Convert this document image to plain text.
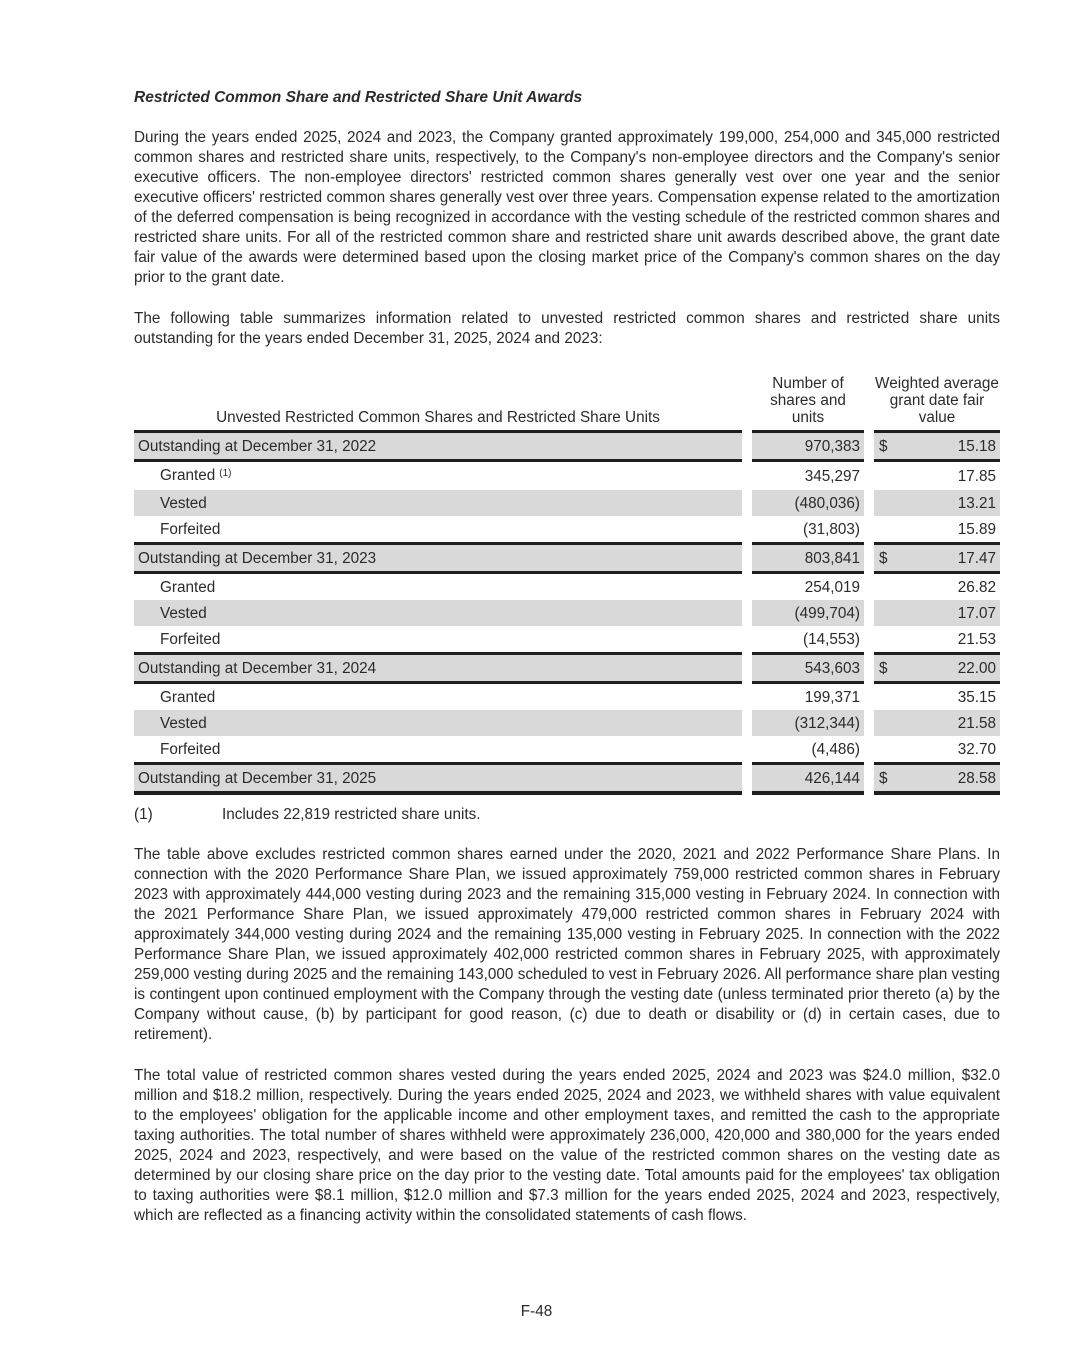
Restricted Common Share and Restricted Share Unit Awards

During the years ended 2025, 2024 and 2023, the Company granted approximately 199,000, 254,000 and 345,000 restricted common shares and restricted share units, respectively, to the Company's non-employee directors and the Company's senior executive officers. The non-employee directors' restricted common shares generally vest over one year and the senior executive officers' restricted common shares generally vest over three years. Compensation expense related to the amortization of the deferred compensation is being recognized in accordance with the vesting schedule of the restricted common shares and restricted share units. For all of the restricted common share and restricted share unit awards described above, the grant date fair value of the awards were determined based upon the closing market price of the Company's common shares on the day prior to the grant date.

The following table summarizes information related to unvested restricted common shares and restricted share units outstanding for the years ended December 31, 2025, 2024 and 2023:

Unvested Restricted Common Shares and Restricted Share Units	Number of shares and units	Weighted average grant date fair value
Outstanding at December 31, 2022	970,383	$ 15.18
Granted $^{(1)}$	345,297	17.85
Vested	(480,036)	13.21
Forfeited	(31,803)	15.89
Outstanding at December 31, 2023	803,841	$ 17.47
Granted	254,019	26.82
Vested	(499,704)	17.07
Forfeited	(14,553)	21.53
Outstanding at December 31, 2024	543,603	$ 22.00
Granted	199,371	35.15
Vested	(312,344)	21.58
Forfeited	(4,486)	32.70
Outstanding at December 31, 2025	426,144	$ 28.58
(1)	Includes 22,819 restricted share units.

The table above excludes restricted common shares earned under the 2020, 2021 and 2022 Performance Share Plans. In connection with the 2020 Performance Share Plan, we issued approximately 759,000 restricted common shares in February 2023 with approximately 444,000 vesting during 2023 and the remaining 315,000 vesting in February 2024. In connection with the 2021 Performance Share Plan, we issued approximately 479,000 restricted common shares in February 2024 with approximately 344,000 vesting during 2024 and the remaining 135,000 vesting in February 2025. In connection with the 2022 Performance Share Plan, we issued approximately 402,000 restricted common shares in February 2025, with approximately 259,000 vesting during 2025 and the remaining 143,000 scheduled to vest in February 2026. All performance share plan vesting is contingent upon continued employment with the Company through the vesting date (unless terminated prior thereto (a) by the Company without cause, (b) by participant for good reason, (c) due to death or disability or (d) in certain cases, due to retirement).

The total value of restricted common shares vested during the years ended 2025, 2024 and 2023 was $24.0 million, $32.0 million and $18.2 million, respectively. During the years ended 2025, 2024 and 2023, we withheld shares with value equivalent to the employees' obligation for the applicable income and other employment taxes, and remitted the cash to the appropriate taxing authorities. The total number of shares withheld were approximately 236,000, 420,000 and 380,000 for the years ended 2025, 2024 and 2023, respectively, and were based on the value of the restricted common shares on the vesting date as determined by our closing share price on the day prior to the vesting date. Total amounts paid for the employees' tax obligation to taxing authorities were $8.1 million, $12.0 million and $7.3 million for the years ended 2025, 2024 and 2023, respectively, which are reflected as a financing activity within the consolidated statements of cash flows.

F-48
